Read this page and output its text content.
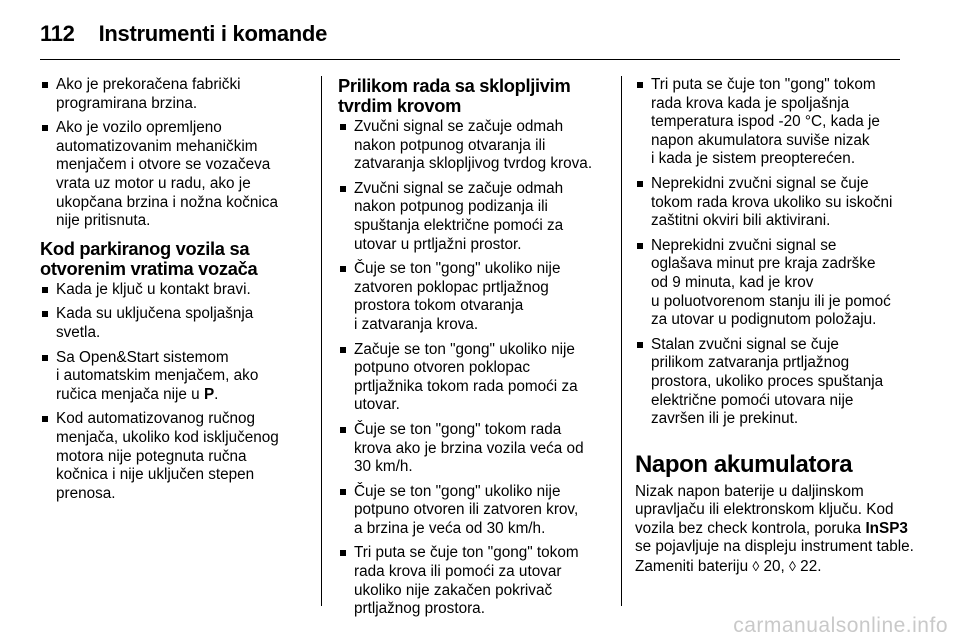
112 Instrumenti i komande
Ako je prekoračena fabrički
programirana brzina.
Ako je vozilo opremljeno
automatizovanim mehaničkim
menjačem i otvore se vozačeva
vrata uz motor u radu, ako je
ukopčana brzina i nožna kočnica
nije pritisnuta.
Kod parkiranog vozila sa
otvorenim vratima vozača
Kada je ključ u kontakt bravi.
Kada su uključena spoljašnja
svetla.
Sa Open&Start sistemom
i automatskim menjačem, ako
ručica menjača nije u P.
Kod automatizovanog ručnog
menjača, ukoliko kod isključenog
motora nije potegnuta ručna
kočnica i nije uključen stepen
prenosa.
Prilikom rada sa sklopljivim
tvrdim krovom
Zvučni signal se začuje odmah
nakon potpunog otvaranja ili
zatvaranja sklopljivog tvrdog krova.
Zvučni signal se začuje odmah
nakon potpunog podizanja ili
spuštanja električne pomoći za
utovar u prtljažni prostor.
Čuje se ton "gong" ukoliko nije
zatvoren poklopac prtljažnog
prostora tokom otvaranja
i zatvaranja krova.
Začuje se ton "gong" ukoliko nije
potpuno otvoren poklopac
prtljažnika tokom rada pomoći za
utovar.
Čuje se ton "gong" tokom rada
krova ako je brzina vozila veća od
30 km/h.
Čuje se ton "gong" ukoliko nije
potpuno otvoren ili zatvoren krov,
a brzina je veća od 30 km/h.
Tri puta se čuje ton "gong" tokom
rada krova ili pomoći za utovar
ukoliko nije zakačen pokrivač
prtljažnog prostora.
Tri puta se čuje ton "gong" tokom
rada krova kada je spoljašnja
temperatura ispod -20 °C, kada je
napon akumulatora suviše nizak
i kada je sistem preopterećen.
Neprekidni zvučni signal se čuje
tokom rada krova ukoliko su iskočni
zaštitni okviri bili aktivirani.
Neprekidni zvučni signal se
oglašava minut pre kraja zadrške
od 9 minuta, kad je krov
u poluotvorenom stanju ili je pomoć
za utovar u podignutom položaju.
Stalan zvučni signal se čuje
prilikom zatvaranja prtljažnog
prostora, ukoliko proces spuštanja
električne pomoći utovara nije
završen ili je prekinut.
Napon akumulatora

Nizak napon baterije u daljinskom upravljaču ili elektronskom ključu. Kod vozila bez check kontrola, poruka InSP3 se pojavljuje na displeju instrument table. Zameniti bateriju ◊ 20, ◊ 22.

carmanualsonline.info
